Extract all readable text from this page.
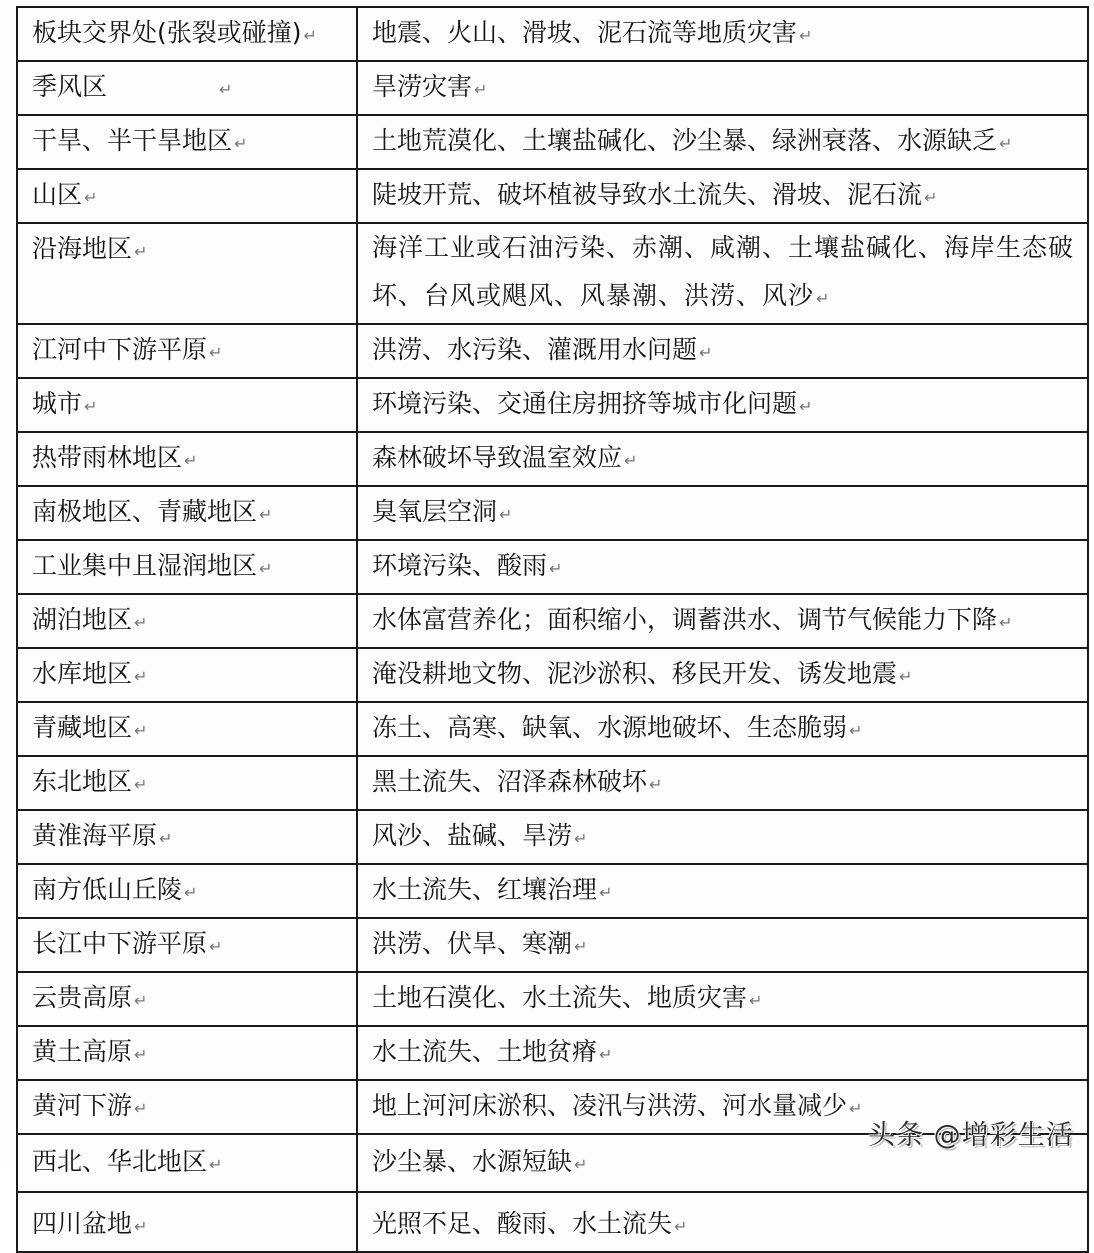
板块交界处(张裂或碰撞) ↵	地震、火山、滑坡、泥石流等地质灾害 ↵
季风区 ↵	旱涝灾害 ↵
干旱、半干旱地区 ↵	土地荒漠化、土壤盐碱化、沙尘暴、绿洲衰落、水源缺乏 ↵
山区 ↵	陡坡开荒、破坏植被导致水土流失、滑坡、泥石流 ↵
沿海地区 ↵	海洋工业或石油污染、赤潮、咸潮、土壤盐碱化、海岸生态破坏、台风或飓风、风暴潮、洪涝、风沙 ↵
江河中下游平原 ↵	洪涝、水污染、灌溉用水问题 ↵
城市 ↵	环境污染、交通住房拥挤等城市化问题 ↵
热带雨林地区 ↵	森林破坏导致温室效应 ↵
南极地区、青藏地区 ↵	臭氧层空洞 ↵
工业集中且湿润地区 ↵	环境污染、酸雨 ↵
湖泊地区 ↵	水体富营养化；面积缩小，调蓄洪水、调节气候能力下降 ↵
水库地区 ↵	淹没耕地文物、泥沙淤积、移民开发、诱发地震 ↵
青藏地区 ↵	冻土、高寒、缺氧、水源地破坏、生态脆弱 ↵
东北地区 ↵	黑土流失、沼泽森林破坏 ↵
黄淮海平原 ↵	风沙、盐碱、旱涝 ↵
南方低山丘陵 ↵	水土流失、红壤治理 ↵
长江中下游平原 ↵	洪涝、伏旱、寒潮 ↵
云贵高原 ↵	土地石漠化、水土流失、地质灾害 ↵
黄土高原 ↵	水土流失、土地贫瘠 ↵
黄河下游 ↵	地上河河床淤积、凌汛与洪涝、河水量减少 ↵
西北、华北地区 ↵	沙尘暴、水源短缺 ↵
四川盆地 ↵	光照不足、酸雨、水土流失 ↵
头条 @增彩生活
